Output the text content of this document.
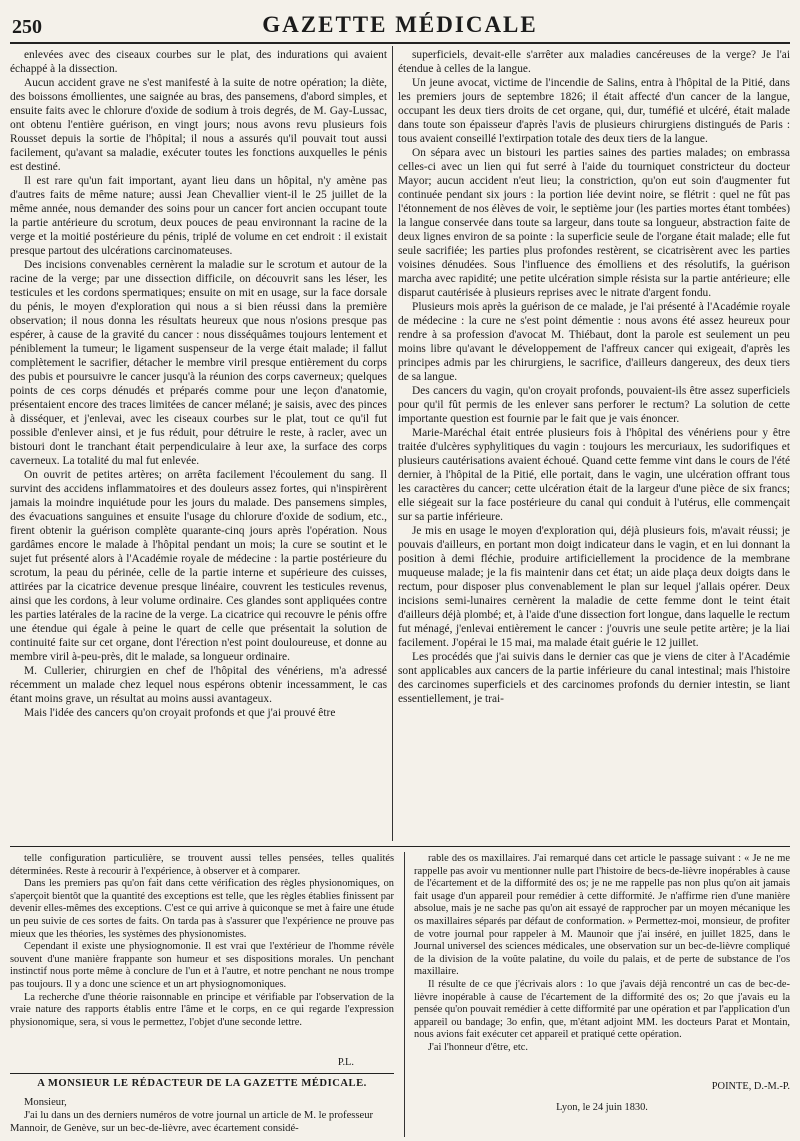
250	GAZETTE MÉDICALE

enlevées avec des ciseaux courbes sur le plat, des indurations qui avaient échappé à la dissection.

Aucun accident grave ne s'est manifesté à la suite de notre opération; la diète, des boissons émollientes, une saignée au bras, des pansemens, d'abord simples, et ensuite faits avec le chlorure d'oxide de sodium à trois degrés, de M. Gay-Lussac, ont obtenu l'entière guérison, en vingt jours; nous avons revu plusieurs fois Rousset depuis la sortie de l'hôpital; il nous a assurés qu'il pouvait tout aussi facilement, qu'avant sa maladie, exécuter toutes les fonctions auxquelles le pénis est destiné.

Il est rare qu'un fait important, ayant lieu dans un hôpital, n'y amène pas d'autres faits de même nature; aussi Jean Chevallier vient-il le 25 juillet de la même année, nous demander des soins pour un cancer fort ancien occupant toute la partie antérieure du scrotum, deux pouces de peau environnant la racine de la verge et la moitié postérieure du pénis, triplé de volume en cet endroit : il existait presque partout des ulcérations carcinomateuses.

Des incisions convenables cernèrent la maladie sur le scrotum et autour de la racine de la verge; par une dissection difficile, on découvrit sans les léser, les testicules et les cordons spermatiques; ensuite on mit en usage, sur la face dorsale du pénis, le moyen d'exploration qui nous a si bien réussi dans la première observation; il nous donna les résultats heureux que nous n'osions presque pas espérer, à cause de la gravité du cancer : nous disséquâmes toujours lentement et péniblement la tumeur; le ligament suspenseur de la verge était malade; il fallut complètement le sacrifier, détacher le membre viril presque entièrement du corps des pubis et poursuivre le cancer jusqu'à la réunion des corps caverneux; quelques points de ces corps dénudés et préparés comme pour une leçon d'anatomie, présentaient encore des traces limitées de cancer mélané; je saisis, avec des pinces à disséquer, et j'enlevai, avec les ciseaux courbes sur le plat, tout ce qu'il fut possible d'enlever ainsi, et je fus réduit, pour détruire le reste, à racler, avec un bistouri dont le tranchant était perpendiculaire à leur axe, la surface des corps caverneux. La totalité du mal fut enlevée.

On ouvrit de petites artères; on arrêta facilement l'écoulement du sang. Il survint des accidens inflammatoires et des douleurs assez fortes, qui n'inspirèrent jamais la moindre inquiétude pour les jours du malade. Des pansemens simples, des évacuations sanguines et ensuite l'usage du chlorure d'oxide de sodium, etc., firent obtenir la guérison complète quarante-cinq jours après l'opération. Nous gardâmes encore le malade à l'hôpital pendant un mois; la cure se soutint et le sujet fut présenté alors à l'Académie royale de médecine : la partie postérieure du scrotum, la peau du périnée, celle de la partie interne et supérieure des cuisses, attirées par la cicatrice devenue presque linéaire, couvrent les testicules revenus, ainsi que les cordons, à leur volume ordinaire. Ces glandes sont appliquées contre les parties latérales de la racine de la verge. La cicatrice qui recouvre le pénis offre une étendue qui égale à peine le quart de celle que présentait la solution de continuité faite sur cet organe, dont l'érection n'est point douloureuse, et donne au membre viril à-peu-près, dit le malade, sa longueur ordinaire.

M. Cullerier, chirurgien en chef de l'hôpital des vénériens, m'a adressé récemment un malade chez lequel nous espérons obtenir incessamment, le cas étant moins grave, un résultat au moins aussi avantageux.

Mais l'idée des cancers qu'on croyait profonds et que j'ai prouvé être

superficiels, devait-elle s'arrêter aux maladies cancéreuses de la verge? Je l'ai étendue à celles de la langue.

Un jeune avocat, victime de l'incendie de Salins, entra à l'hôpital de la Pitié, dans les premiers jours de septembre 1826; il était affecté d'un cancer de la langue, occupant les deux tiers droits de cet organe, qui, dur, tuméfié et ulcéré, était malade dans toute son épaisseur d'après l'avis de plusieurs chirurgiens distingués de Paris : tous avaient conseillé l'extirpation totale des deux tiers de la langue.

On sépara avec un bistouri les parties saines des parties malades; on embrassa celles-ci avec un lien qui fut serré à l'aide du tourniquet constricteur du docteur Mayor; aucun accident n'eut lieu; la constriction, qu'on eut soin d'augmenter fut continuée pendant six jours : la portion liée devint noire, se flétrit : quel ne fût pas l'étonnement de nos élèves de voir, le septième jour (les parties mortes étant tombées) la langue conservée dans toute sa largeur, dans toute sa longueur, abstraction faite de deux lignes environ de sa pointe : la superficie seule de l'organe était malade; elle fut seule sacrifiée; les parties plus profondes restèrent, se cicatrisèrent avec les parties voisines dénudées. Sous l'influence des émolliens et des résolutifs, la guérison marcha avec rapidité; une petite ulcération simple résista sur la partie antérieure; elle disparut cautérisée à plusieurs reprises avec le nitrate d'argent fondu.

Plusieurs mois après la guérison de ce malade, je l'ai présenté à l'Académie royale de médecine : la cure ne s'est point démentie : nous avons été assez heureux pour rendre à sa profession d'avocat M. Thiébaut, dont la parole est seulement un peu moins libre qu'avant le développement de l'affreux cancer qui exigeait, d'après les principes admis par les chirurgiens, le sacrifice, d'ailleurs dangereux, des deux tiers de sa langue.

Des cancers du vagin, qu'on croyait profonds, pouvaient-ils être assez superficiels pour qu'il fût permis de les enlever sans perforer le rectum? La solution de cette importante question est fournie par le fait que je vais énoncer.

Marie-Maréchal était entrée plusieurs fois à l'hôpital des vénériens pour y être traitée d'ulcères syphylitiques du vagin : toujours les mercuriaux, les sudorifiques et plusieurs cautérisations avaient échoué. Quand cette femme vint dans le cours de l'été dernier, à l'hôpital de la Pitié, elle portait, dans le vagin, une ulcération offrant tous les caractères du cancer; cette ulcération était de la largeur d'une pièce de six francs; elle siégeait sur la face postérieure du canal qui conduit à l'utérus, elle commençait sur sa partie inférieure.

Je mis en usage le moyen d'exploration qui, déjà plusieurs fois, m'avait réussi; je pouvais d'ailleurs, en portant mon doigt indicateur dans le vagin, et en lui donnant la position à demi fléchie, produire artificiellement la procidence de la membrane muqueuse malade; je la fis maintenir dans cet état; un aide plaça deux doigts dans le rectum, pour disposer plus convenablement le plan sur lequel j'allais opérer. Deux incisions semi-lunaires cernèrent la maladie de cette femme dont le teint était d'ailleurs déjà plombé; et, à l'aide d'une dissection fort longue, dans laquelle le rectum fut ménagé, j'enlevai entièrement le cancer : j'ouvris une seule petite artère; je la liai facilement. J'opérai le 15 mai, ma malade était guérie le 12 juillet.

Les procédés que j'ai suivis dans le dernier cas que je viens de citer à l'Académie sont applicables aux cancers de la partie inférieure du canal intestinal; mais l'histoire des carcinomes superficiels et des carcinomes profonds du dernier intestin, se liant essentiellement, je trai-

telle configuration particulière, se trouvent aussi telles pensées, telles qualités déterminées. Reste à recourir à l'expérience, à observer et à comparer.

Dans les premiers pas qu'on fait dans cette vérification des règles physionomiques, on s'aperçoit bientôt que la quantité des exceptions est telle, que les règles établies finissent par devenir elles-mêmes des exceptions. C'est ce qui arrive à quiconque se met à faire une étude un peu suivie de ces sortes de faits. On tarda pas à s'assurer que l'expérience ne prouve pas mieux que les théories, les systèmes des physionomistes.

Cependant il existe une physiognomonie. Il est vrai que l'extérieur de l'homme révèle souvent d'une manière frappante son humeur et ses dispositions morales. Un penchant instinctif nous porte même à conclure de l'un et à l'autre, et notre penchant ne nous trompe pas toujours. Il y a donc une science et un art physiognomoniques.

La recherche d'une théorie raisonnable en principe et vérifiable par l'observation de la vraie nature des rapports établis entre l'âme et le corps, en ce qui regarde l'expression physionomique, sera, si vous le permettez, l'objet d'une seconde lettre.

P.L.
A MONSIEUR LE RÉDACTEUR DE LA GAZETTE MÉDICALE.

Monsieur,

J'ai lu dans un des derniers numéros de votre journal un article de M. le professeur Mannoir, de Genève, sur un bec-de-lièvre, avec écartement considé-

rable des os maxillaires. J'ai remarqué dans cet article le passage suivant : « Je ne me rappelle pas avoir vu mentionner nulle part l'histoire de becs-de-lièvre inopérables à cause de l'écartement et de la difformité des os; je ne me rappelle pas non plus qu'on ait jamais fait usage d'un appareil pour remédier à cette difformité. Je n'affirme rien d'une manière absolue, mais je ne sache pas qu'on ait essayé de rapprocher par un moyen mécanique les os maxillaires séparés par défaut de conformation. » Permettez-moi, monsieur, de profiter de votre journal pour rappeler à M. Maunoir que j'ai inséré, en juillet 1825, dans le Journal universel des sciences médicales, une observation sur un bec-de-lièvre compliqué de la division de la voûte palatine, du voile du palais, et de perte de substance de l'os maxillaire.

Il résulte de ce que j'écrivais alors : 1o que j'avais déjà rencontré un cas de bec-de-lièvre inopérable à cause de l'écartement de la difformité des os; 2o que j'avais eu la pensée qu'on pouvait remédier à cette difformité par une opération et par l'application d'un appareil ou bandage; 3o enfin, que, m'étant adjoint MM. les docteurs Parat et Montain, nous avions fait exécuter cet appareil et pratiqué cette opération.

J'ai l'honneur d'être, etc.

POINTE, D.-M.-P.
Lyon, le 24 juin 1830.
